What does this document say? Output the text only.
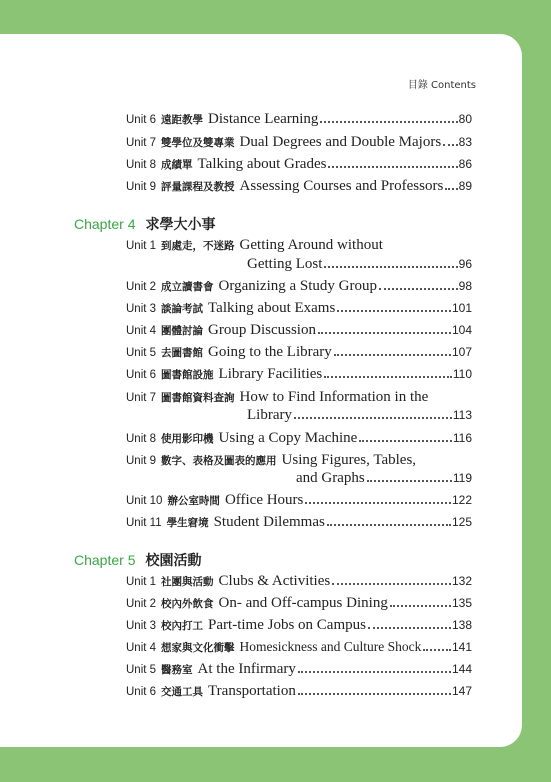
目錄 Contents
Unit 6 遠距教學 Distance Learning	80
Unit 7 雙學位及雙專業 Dual Degrees and Double Majors 83
Unit 8 成績單 Talking about Grades	86
Unit 9 評量課程及教授 Assessing Courses and Professors 89
Chapter 4 求學大小事
Unit 1 到處走，不迷路 Getting Around without
Getting Lost	96
Unit 2 成立讀書會 Organizing a Study Group	98
Unit 3 談論考試 Talking about Exams	101
Unit 4 團體討論 Group Discussion	104
Unit 5 去圖書館 Going to the Library	107
Unit 6 圖書館設施 Library Facilities	110
Unit 7 圖書館資料查詢 How to Find Information in the
Library	113
Unit 8 使用影印機 Using a Copy Machine	116
Unit 9 數字、表格及圖表的應用 Using Figures, Tables,
and Graphs	119
Unit 10 辦公室時間 Office Hours	122
Unit 11 學生窘境 Student Dilemmas	125
Chapter 5 校園活動
Unit 1 社團與活動 Clubs & Activities	132
Unit 2 校內外飲食 On- and Off-campus Dining	135
Unit 3 校內打工 Part-time Jobs on Campus	138
Unit 4 想家與文化衝擊 Homesickness and Culture Shock	141
Unit 5 醫務室 At the Infirmary	144
Unit 6 交通工具 Transportation	147
